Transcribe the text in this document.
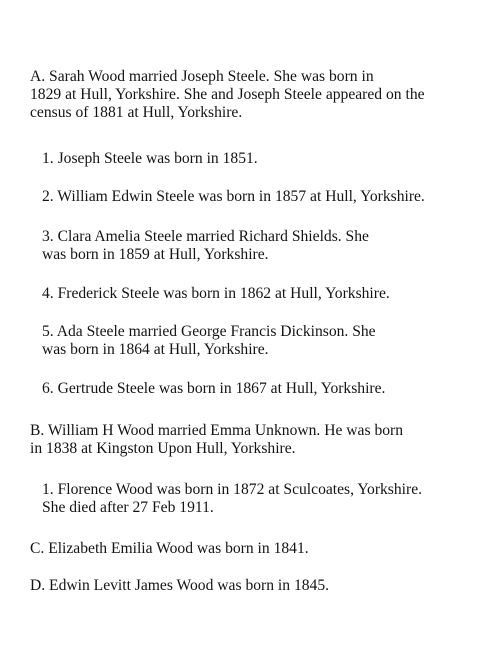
A. Sarah Wood married Joseph Steele. She was born in
1829 at Hull, Yorkshire. She and Joseph Steele appeared on the
census of 1881 at Hull, Yorkshire.

1. Joseph Steele was born in 1851.

2. William Edwin Steele was born in 1857 at Hull, Yorkshire.

3. Clara Amelia Steele married Richard Shields. She
was born in 1859 at Hull, Yorkshire.

4. Frederick Steele was born in 1862 at Hull, Yorkshire.

5. Ada Steele married George Francis Dickinson. She
was born in 1864 at Hull, Yorkshire.

6. Gertrude Steele was born in 1867 at Hull, Yorkshire.

B. William H Wood married Emma Unknown. He was born
in 1838 at Kingston Upon Hull, Yorkshire.

1. Florence Wood was born in 1872 at Sculcoates, Yorkshire.
She died after 27 Feb 1911.

C. Elizabeth Emilia Wood was born in 1841.

D. Edwin Levitt James Wood was born in 1845.
